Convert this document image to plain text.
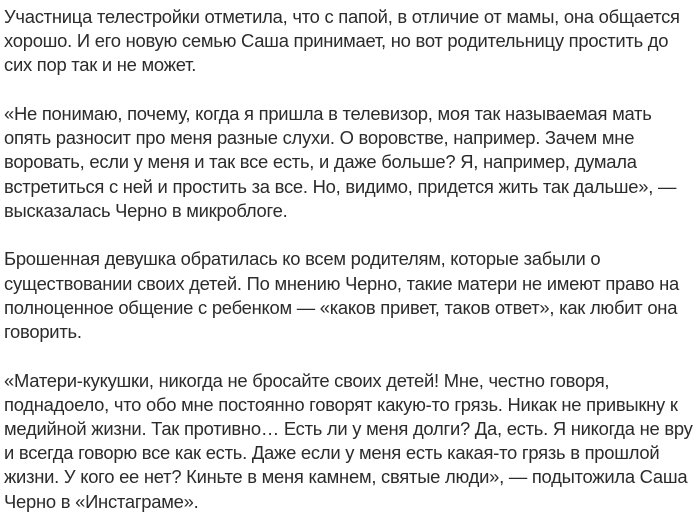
Участница телестройки отметила, что с папой, в отличие от мамы, она общается хорошо. И его новую семью Саша принимает, но вот родительницу простить до сих пор так и не может.

«Не понимаю, почему, когда я пришла в телевизор, моя так называемая мать опять разносит про меня разные слухи. О воровстве, например. Зачем мне воровать, если у меня и так все есть, и даже больше? Я, например, думала встретиться с ней и простить за все. Но, видимо, придется жить так дальше», — высказалась Черно в микроблоге.

Брошенная девушка обратилась ко всем родителям, которые забыли о существовании своих детей. По мнению Черно, такие матери не имеют право на полноценное общение с ребенком — «каков привет, таков ответ», как любит она говорить.

«Матери-кукушки, никогда не бросайте своих детей! Мне, честно говоря, поднадоело, что обо мне постоянно говорят какую-то грязь. Никак не привыкну к медийной жизни. Так противно… Есть ли у меня долги? Да, есть. Я никогда не вру и всегда говорю все как есть. Даже если у меня есть какая-то грязь в прошлой жизни. У кого ее нет? Киньте в меня камнем, святые люди», — подытожила Саша Черно в «Инстаграме».
